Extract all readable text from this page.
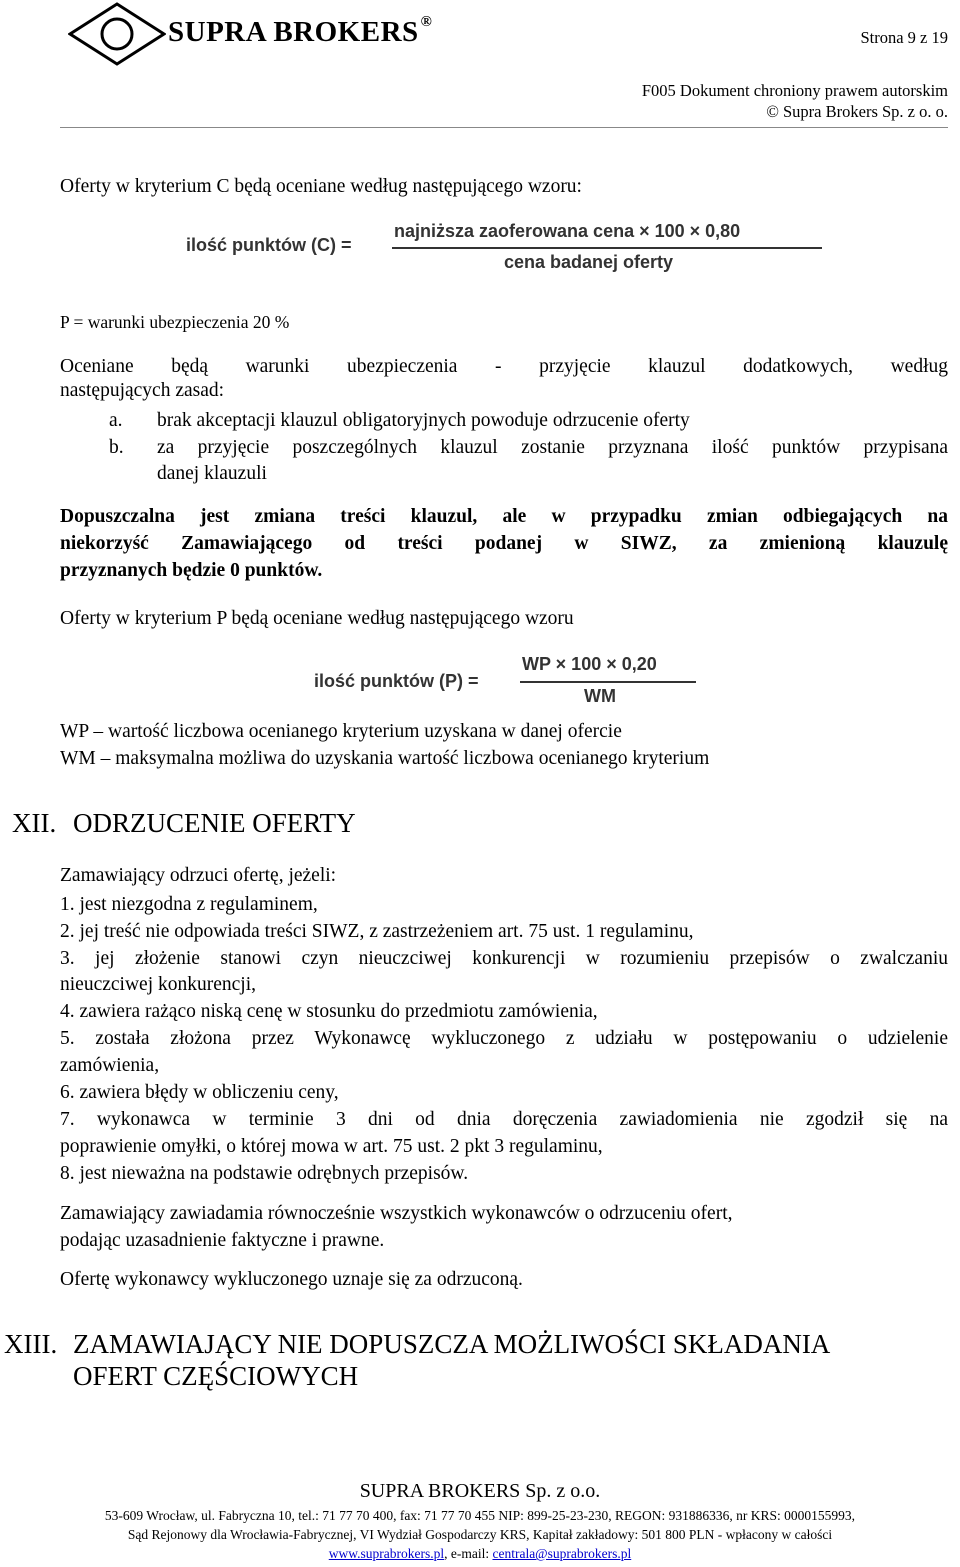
SUPRA BROKERS ®
Strona 9 z 19
F005 Dokument chroniony prawem autorskim
© Supra Brokers Sp. z o. o.
Oferty w kryterium C będą oceniane według następującego wzoru:
ilość punktów (C) =
najniższa zaoferowana cena × 100 × 0,80
cena badanej oferty
P = warunki ubezpieczenia 20 %
Oceniane będą warunki ubezpieczenia - przyjęcie klauzul dodatkowych, według
następujących zasad:
a. brak akceptacji klauzul obligatoryjnych powoduje odrzucenie oferty
b. za przyjęcie poszczególnych klauzul zostanie przyznana ilość punktów przypisana
danej klauzuli
Dopuszczalna jest zmiana treści klauzul, ale w przypadku zmian odbiegających na
niekorzyść Zamawiającego od treści podanej w SIWZ, za zmienioną klauzulę
przyznanych będzie 0 punktów.
Oferty w kryterium P będą oceniane według następującego wzoru
ilość punktów (P) =
WP × 100 × 0,20
WM
WP – wartość liczbowa ocenianego kryterium uzyskana w danej ofercie
WM – maksymalna możliwa do uzyskania wartość liczbowa ocenianego kryterium
XII. ODRZUCENIE OFERTY
Zamawiający odrzuci ofertę, jeżeli:
1. jest niezgodna z regulaminem,
2. jej treść nie odpowiada treści SIWZ, z zastrzeżeniem art. 75 ust. 1 regulaminu,
3. jej złożenie stanowi czyn nieuczciwej konkurencji w rozumieniu przepisów o zwalczaniu
nieuczciwej konkurencji,
4. zawiera rażąco niską cenę w stosunku do przedmiotu zamówienia,
5. została złożona przez Wykonawcę wykluczonego z udziału w postępowaniu o udzielenie
zamówienia,
6. zawiera błędy w obliczeniu ceny,
7. wykonawca w terminie 3 dni od dnia doręczenia zawiadomienia nie zgodził się na
poprawienie omyłki, o której mowa w art. 75 ust. 2 pkt 3 regulaminu,
8. jest nieważna na podstawie odrębnych przepisów.
Zamawiający zawiadamia równocześnie wszystkich wykonawców o odrzuceniu ofert,
podając uzasadnienie faktyczne i prawne.
Ofertę wykonawcy wykluczonego uznaje się za odrzuconą.
XIII. ZAMAWIAJĄCY NIE DOPUSZCZA MOŻLIWOŚCI SKŁADANIA
OFERT CZĘŚCIOWYCH
SUPRA BROKERS Sp. z o.o.
53-609 Wrocław, ul. Fabryczna 10, tel.: 71 77 70 400, fax: 71 77 70 455 NIP: 899-25-23-230, REGON: 931886336, nr KRS: 0000155993,
Sąd Rejonowy dla Wrocławia-Fabrycznej, VI Wydział Gospodarczy KRS, Kapitał zakładowy: 501 800 PLN - wpłacony w całości
www.suprabrokers.pl, e-mail: centrala@suprabrokers.pl
